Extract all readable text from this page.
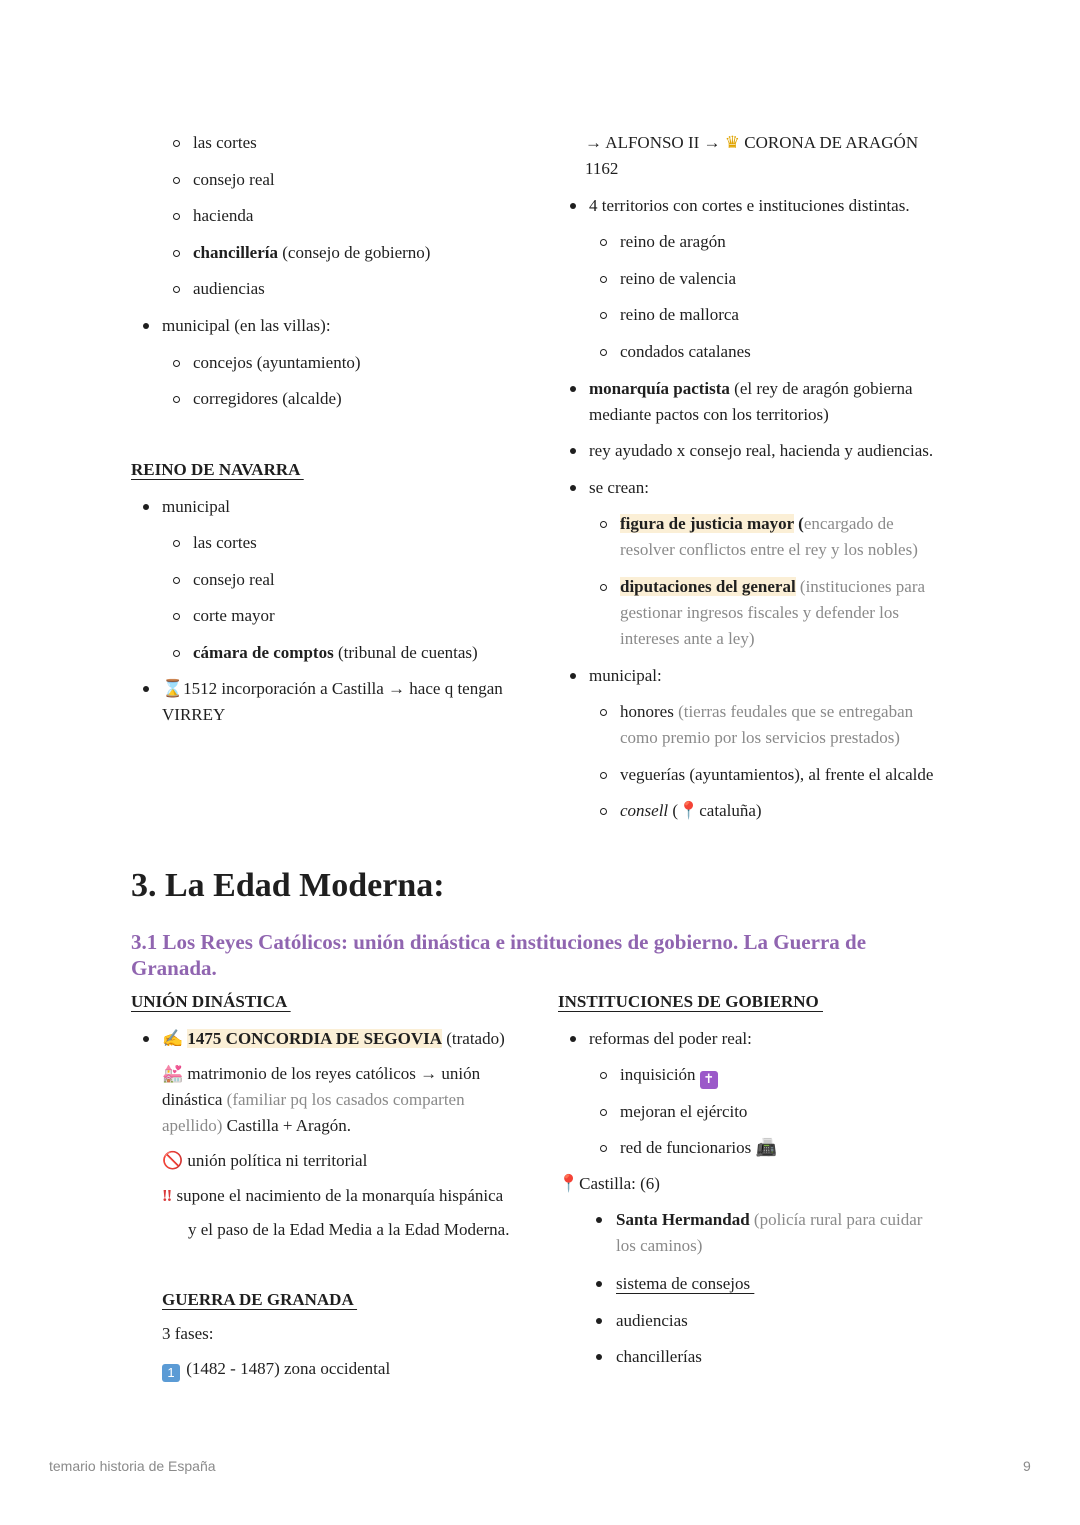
las cortes
consejo real
hacienda
chancillería (consejo de gobierno)
audiencias
municipal (en las villas):
concejos (ayuntamiento)
corregidores (alcalde)
REINO DE NAVARRA
municipal
las cortes
consejo real
corte mayor
cámara de comptos (tribunal de cuentas)
⌛1512 incorporación a Castilla → hace q tengan
VIRREY
→ ALFONSO II → ♛ CORONA DE ARAGÓN
1162
4 territorios con cortes e instituciones distintas.
reino de aragón
reino de valencia
reino de mallorca
condados catalanes
monarquía pactista (el rey de aragón gobierna
mediante pactos con los territorios)
rey ayudado x consejo real, hacienda y audiencias.
se crean:
figura de justicia mayor (encargado de
resolver conflictos entre el rey y los nobles)
diputaciones del general (instituciones para
gestionar ingresos fiscales y defender los
intereses ante a ley)
municipal:
honores (tierras feudales que se entregaban
como premio por los servicios prestados)
veguerías (ayuntamientos), al frente el alcalde
consell (📍cataluña)
3. La Edad Moderna:
3.1 Los Reyes Católicos: unión dinástica e instituciones de gobierno. La Guerra de
Granada.
UNIÓN DINÁSTICA
✍ 1475 CONCORDIA DE SEGOVIA (tratado)
💒 matrimonio de los reyes católicos → unión
dinástica (familiar pq los casados comparten
apellido) Castilla + Aragón.
🚫 unión política ni territorial
‼ supone el nacimiento de la monarquía hispánica
y el paso de la Edad Media a la Edad Moderna.
GUERRA DE GRANADA
3 fases:
1 (1482 - 1487) zona occidental
INSTITUCIONES DE GOBIERNO
reformas del poder real:
inquisición ✝
mejoran el ejército
red de funcionarios 📠
📍Castilla: (6)
Santa Hermandad (policía rural para cuidar
los caminos)
sistema de consejos
audiencias
chancillerías
temario historia de España	9
